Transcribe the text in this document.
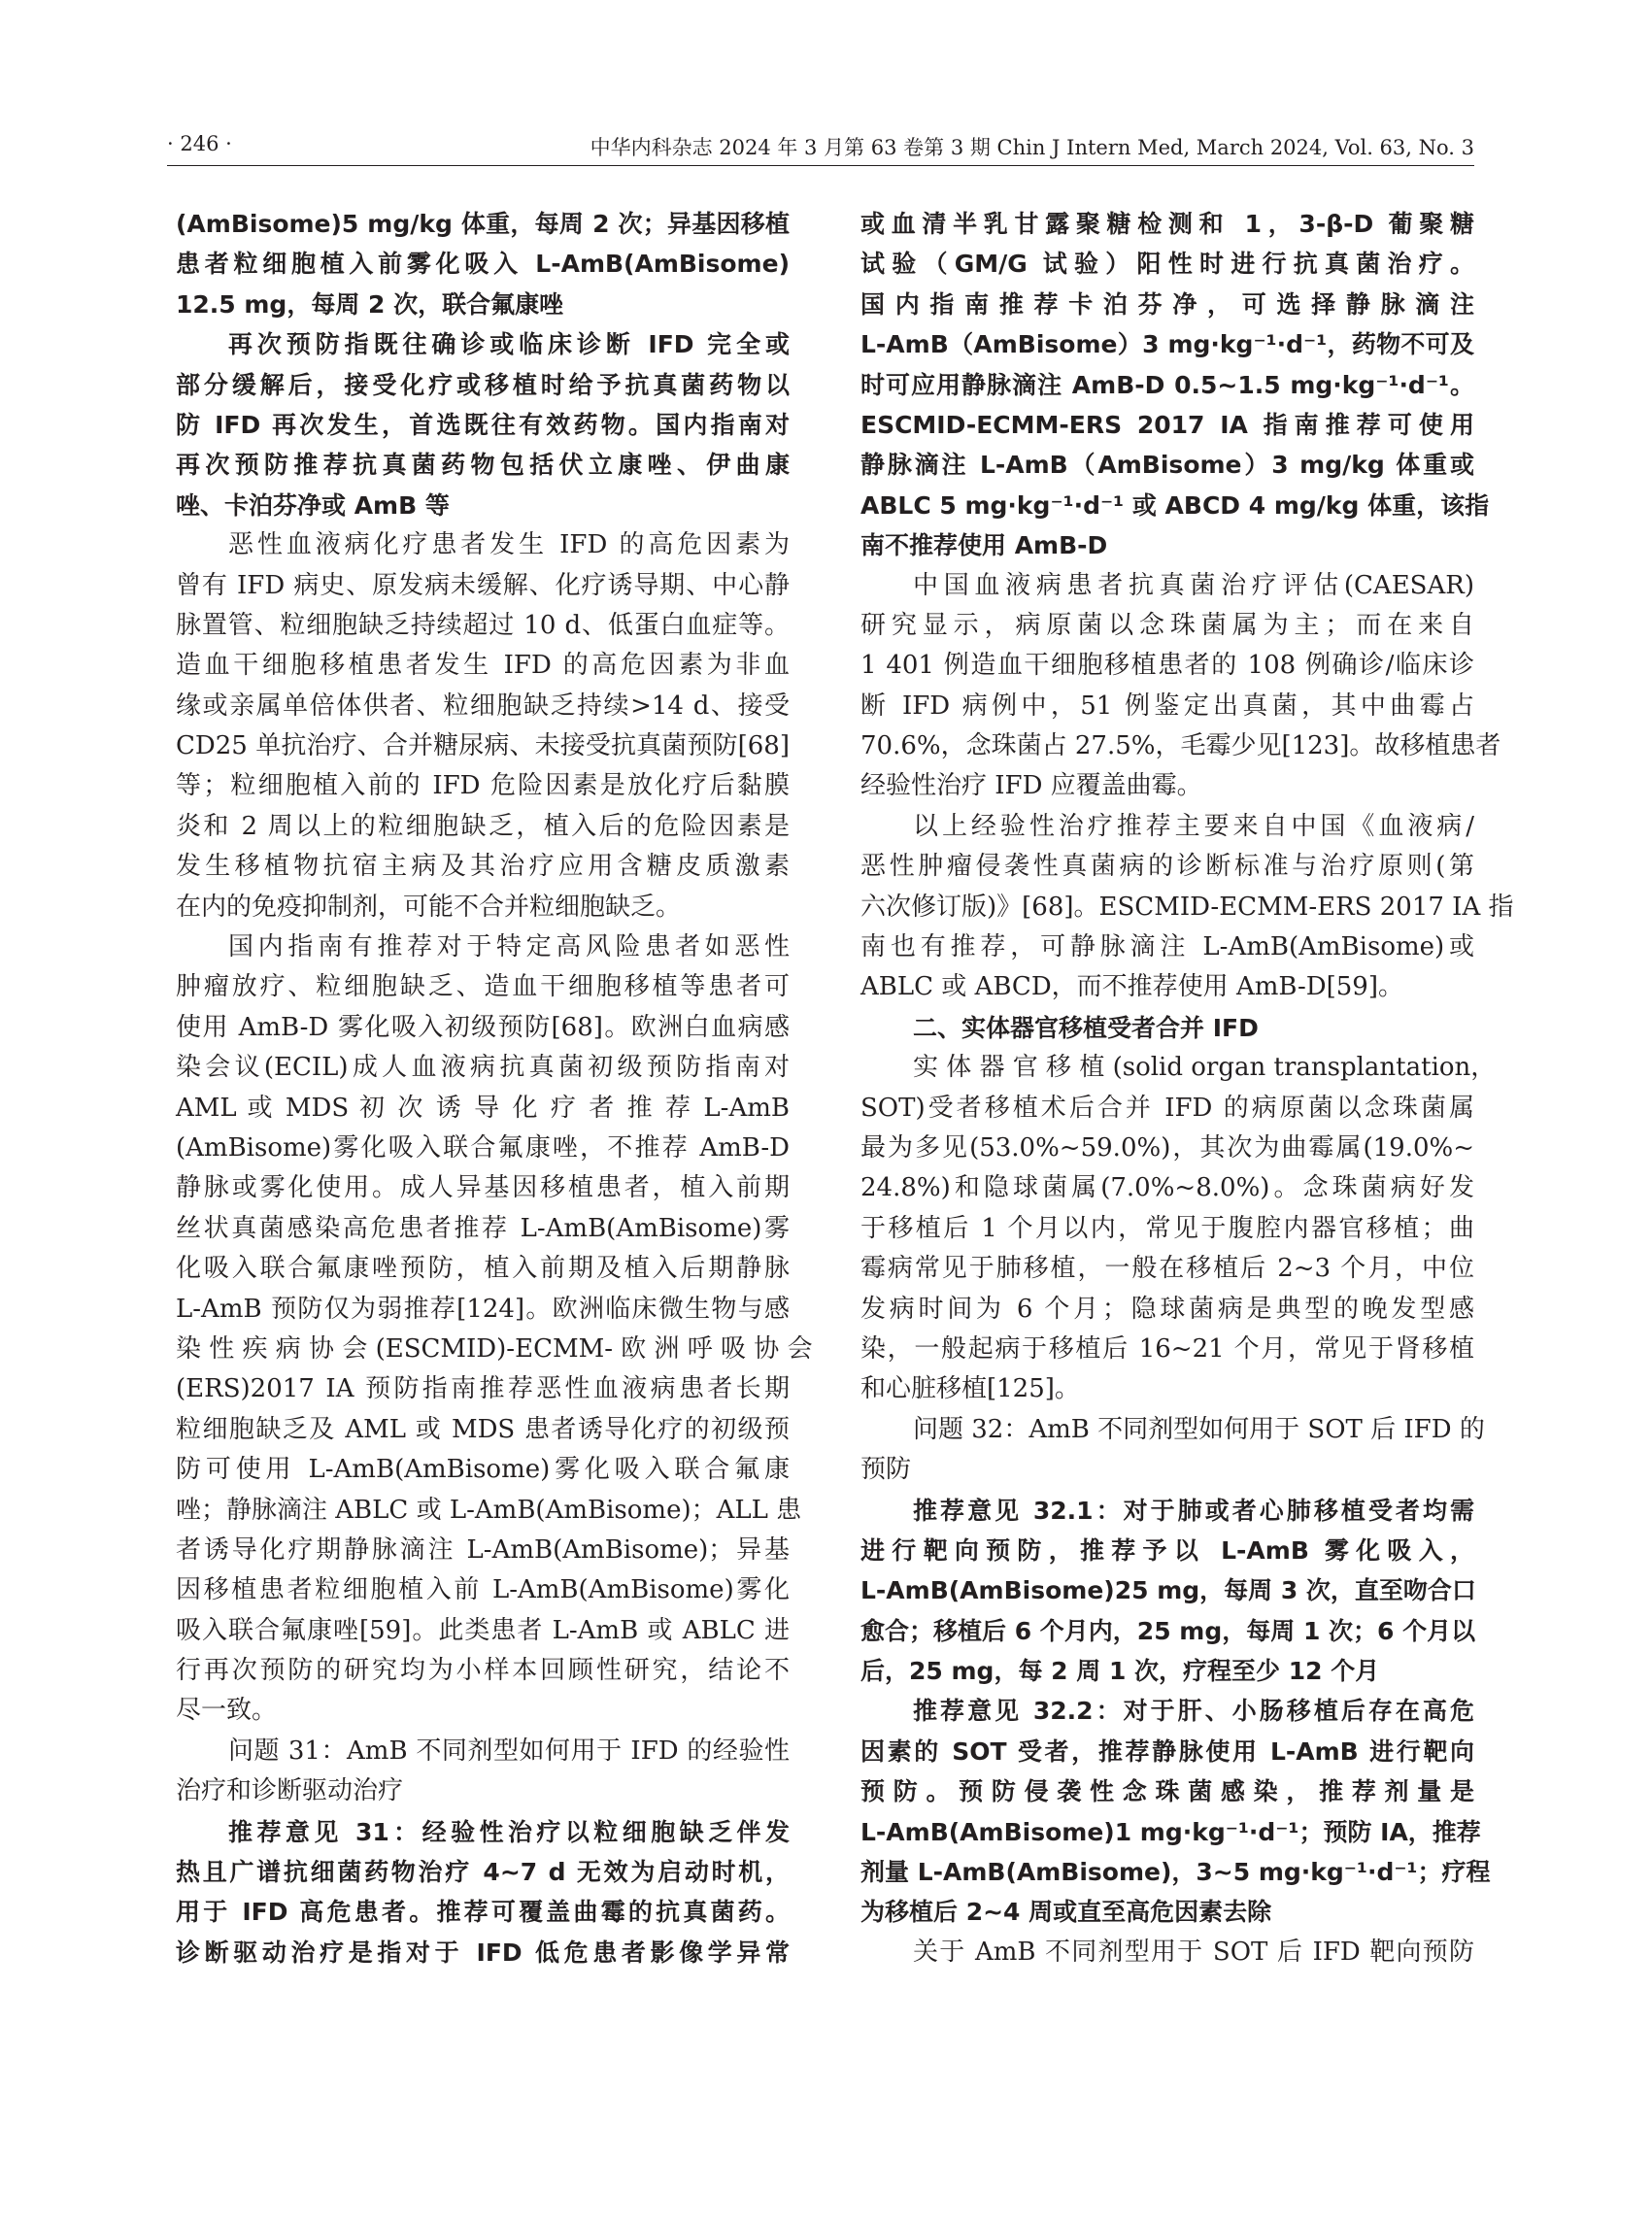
· 246 ·	中华内科杂志 2024 年 3 月第 63 卷第 3 期 Chin J Intern Med, March 2024, Vol. 63, No. 3
(AmBisome)5 mg/kg 体重，每周 2 次；异基因移植
患者粒细胞植入前雾化吸入 L-AmB(AmBisome)
12.5 mg，每周 2 次，联合氟康唑
再次预防指既往确诊或临床诊断 IFD 完全或
部分缓解后，接受化疗或移植时给予抗真菌药物以
防 IFD 再次发生，首选既往有效药物。国内指南对
再次预防推荐抗真菌药物包括伏立康唑、伊曲康
唑、卡泊芬净或 AmB 等
恶性血液病化疗患者发生 IFD 的高危因素为
曾有 IFD 病史、原发病未缓解、化疗诱导期、中心静
脉置管、粒细胞缺乏持续超过 10 d、低蛋白血症等。
造血干细胞移植患者发生 IFD 的高危因素为非血
缘或亲属单倍体供者、粒细胞缺乏持续>14 d、接受
CD25 单抗治疗、合并糖尿病、未接受抗真菌预防[68]
等；粒细胞植入前的 IFD 危险因素是放化疗后黏膜
炎和 2 周以上的粒细胞缺乏，植入后的危险因素是
发生移植物抗宿主病及其治疗应用含糖皮质激素
在内的免疫抑制剂，可能不合并粒细胞缺乏。
国内指南有推荐对于特定高风险患者如恶性
肿瘤放疗、粒细胞缺乏、造血干细胞移植等患者可
使用 AmB-D 雾化吸入初级预防[68]。欧洲白血病感
染会议(ECIL)成人血液病抗真菌初级预防指南对
AML 或 MDS 初 次 诱 导 化 疗 者 推 荐 L-AmB
(AmBisome)雾化吸入联合氟康唑，不推荐 AmB-D
静脉或雾化使用。成人异基因移植患者，植入前期
丝状真菌感染高危患者推荐 L-AmB(AmBisome)雾
化吸入联合氟康唑预防，植入前期及植入后期静脉
L-AmB 预防仅为弱推荐[124]。欧洲临床微生物与感
染 性 疾 病 协 会 (ESCMID)-ECMM- 欧 洲 呼 吸 协 会
(ERS)2017 IA 预防指南推荐恶性血液病患者长期
粒细胞缺乏及 AML 或 MDS 患者诱导化疗的初级预
防可使用 L-AmB(AmBisome)雾化吸入联合氟康
唑；静脉滴注 ABLC 或 L-AmB(AmBisome)；ALL 患
者诱导化疗期静脉滴注 L-AmB(AmBisome)；异基
因移植患者粒细胞植入前 L-AmB(AmBisome)雾化
吸入联合氟康唑[59]。此类患者 L-AmB 或 ABLC 进
行再次预防的研究均为小样本回顾性研究，结论不
尽一致。
问题 31：AmB 不同剂型如何用于 IFD 的经验性
治疗和诊断驱动治疗
推荐意见 31：经验性治疗以粒细胞缺乏伴发
热且广谱抗细菌药物治疗 4~7 d 无效为启动时机，
用于 IFD 高危患者。推荐可覆盖曲霉的抗真菌药。
诊断驱动治疗是指对于 IFD 低危患者影像学异常
或血清半乳甘露聚糖检测和 1，3-β-D 葡聚糖
试验（GM/G 试验）阳性时进行抗真菌治疗。
国内指南推荐卡泊芬净，可选择静脉滴注
L-AmB（AmBisome）3 mg·kg⁻¹·d⁻¹，药物不可及
时可应用静脉滴注 AmB-D 0.5~1.5 mg·kg⁻¹·d⁻¹。
ESCMID-ECMM-ERS 2017 IA 指南推荐可使用
静脉滴注 L-AmB（AmBisome）3 mg/kg 体重或
ABLC 5 mg·kg⁻¹·d⁻¹ 或 ABCD 4 mg/kg 体重，该指
南不推荐使用 AmB-D
中国血液病患者抗真菌治疗评估(CAESAR)
研究显示，病原菌以念珠菌属为主；而在来自
1 401 例造血干细胞移植患者的 108 例确诊/临床诊
断 IFD 病例中，51 例鉴定出真菌，其中曲霉占
70.6%，念珠菌占 27.5%，毛霉少见[123]。故移植患者
经验性治疗 IFD 应覆盖曲霉。
以上经验性治疗推荐主要来自中国《血液病/
恶性肿瘤侵袭性真菌病的诊断标准与治疗原则(第
六次修订版)》[68]。ESCMID-ECMM-ERS 2017 IA 指
南也有推荐，可静脉滴注 L-AmB(AmBisome)或
ABLC 或 ABCD，而不推荐使用 AmB-D[59]。
二、实体器官移植受者合并 IFD
实 体 器 官 移 植 (solid organ transplantation，
SOT)受者移植术后合并 IFD 的病原菌以念珠菌属
最为多见(53.0%~59.0%)，其次为曲霉属(19.0%~
24.8%)和隐球菌属(7.0%~8.0%)。念珠菌病好发
于移植后 1 个月以内，常见于腹腔内器官移植；曲
霉病常见于肺移植，一般在移植后 2~3 个月，中位
发病时间为 6 个月；隐球菌病是典型的晚发型感
染，一般起病于移植后 16~21 个月，常见于肾移植
和心脏移植[125]。
问题 32：AmB 不同剂型如何用于 SOT 后 IFD 的
预防
推荐意见 32.1：对于肺或者心肺移植受者均需
进行靶向预防，推荐予以 L-AmB 雾化吸入，
L-AmB(AmBisome)25 mg，每周 3 次，直至吻合口
愈合；移植后 6 个月内，25 mg，每周 1 次；6 个月以
后，25 mg，每 2 周 1 次，疗程至少 12 个月
推荐意见 32.2：对于肝、小肠移植后存在高危
因素的 SOT 受者，推荐静脉使用 L-AmB 进行靶向
预防。预防侵袭性念珠菌感染，推荐剂量是
L-AmB(AmBisome)1 mg·kg⁻¹·d⁻¹；预防 IA，推荐
剂量 L-AmB(AmBisome)，3~5 mg·kg⁻¹·d⁻¹；疗程
为移植后 2~4 周或直至高危因素去除
关于 AmB 不同剂型用于 SOT 后 IFD 靶向预防
